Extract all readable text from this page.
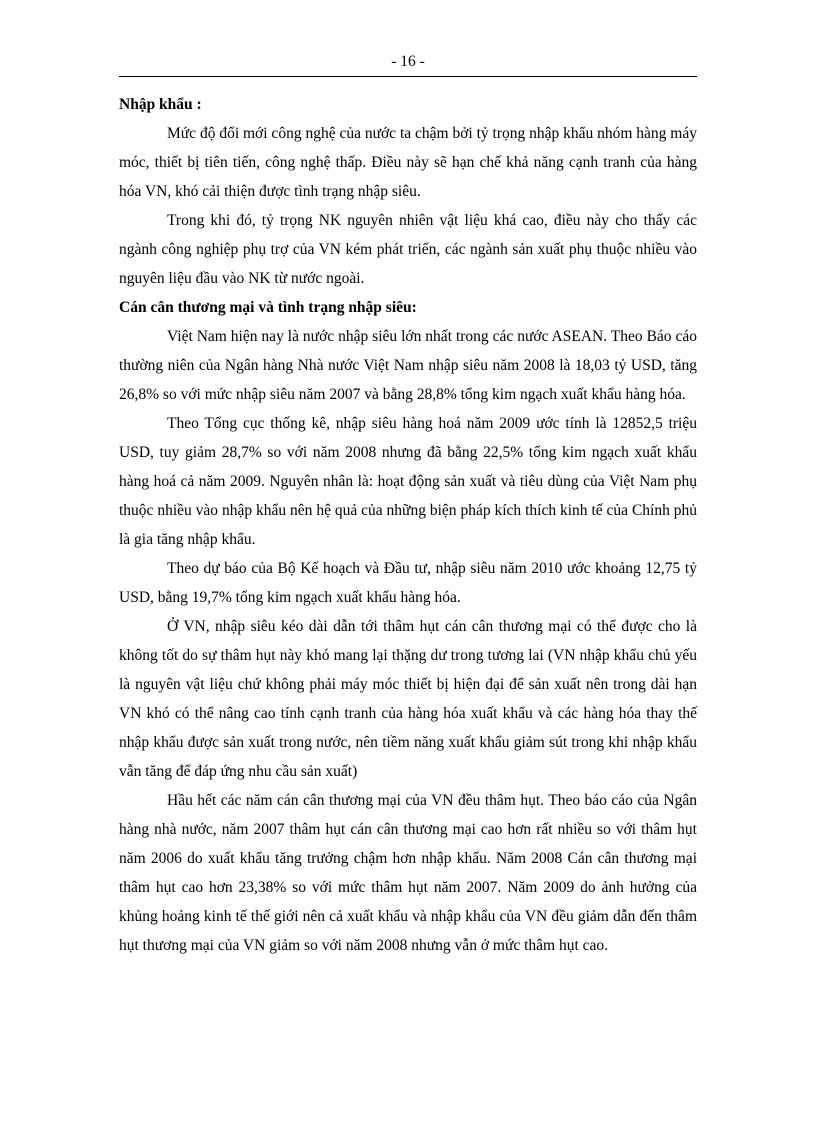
- 16 -

Nhập khẩu :

Mức độ đổi mới công nghệ của nước ta chậm bởi tỷ trọng nhập khẩu nhóm hàng máy móc, thiết bị tiên tiến, công nghệ thấp. Điều này sẽ hạn chế khả năng cạnh tranh của hàng hóa VN, khó cải thiện được tình trạng nhập siêu.

Trong khi đó, tỷ trọng NK nguyên nhiên vật liệu khá cao, điều này cho thấy các ngành công nghiệp phụ trợ của VN kém phát triển, các ngành sản xuất phụ thuộc nhiều vào nguyên liệu đầu vào NK từ nước ngoài.

Cán cân thương mại và tình trạng nhập siêu:

Việt Nam hiện nay là nước nhập siêu lớn nhất trong các nước ASEAN. Theo Báo cáo thường niên của Ngân hàng Nhà nước Việt Nam nhập siêu năm 2008 là 18,03 tỷ USD, tăng 26,8% so với mức nhập siêu năm 2007 và bằng 28,8% tổng kim ngạch xuất khẩu hàng hóa.

Theo Tổng cục thống kê, nhập siêu hàng hoá năm 2009 ước tính là 12852,5 triệu USD, tuy giảm 28,7% so với năm 2008 nhưng đã bằng 22,5% tổng kim ngạch xuất khẩu hàng hoá cả năm 2009. Nguyên nhân là: hoạt động sản xuất và tiêu dùng của Việt Nam phụ thuộc nhiều vào nhập khẩu nên hệ quả của những biện pháp kích thích kinh tế của Chính phủ là gia tăng nhập khẩu.

Theo dự báo của Bộ Kế hoạch và Đầu tư, nhập siêu năm 2010 ước khoảng 12,75 tỷ USD, bằng 19,7% tổng kim ngạch xuất khẩu hàng hóa.

Ở VN, nhập siêu kéo dài dẫn tới thâm hụt cán cân thương mại có thể được cho là không tốt do sự thâm hụt này khó mang lại thặng dư trong tương lai (VN nhập khẩu chủ yếu là nguyên vật liệu chứ không phải máy móc thiết bị hiện đại để sản xuất nên trong dài hạn VN khó có thể nâng cao tính cạnh tranh của hàng hóa xuất khẩu và các hàng hóa thay thế nhập khẩu được sản xuất trong nước, nên tiềm năng xuất khẩu giảm sút trong khi nhập khẩu vẫn tăng để đáp ứng nhu cầu sản xuất)

Hầu hết các năm cán cân thương mại của VN đều thâm hụt. Theo báo cáo của Ngân hàng nhà nước, năm 2007 thâm hụt cán cân thương mại cao hơn rất nhiều so với thâm hụt năm 2006 do xuất khẩu tăng trưởng chậm hơn nhập khẩu. Năm 2008 Cán cân thương mại thâm hụt cao hơn 23,38% so với mức thâm hụt năm 2007. Năm 2009 do ảnh hưởng của khủng hoảng kinh tế thế giới nên cả xuất khẩu và nhập khẩu của VN đều giảm dẫn đến thâm hụt thương mại của VN giảm so với năm 2008 nhưng vẫn ở mức thâm hụt cao.
